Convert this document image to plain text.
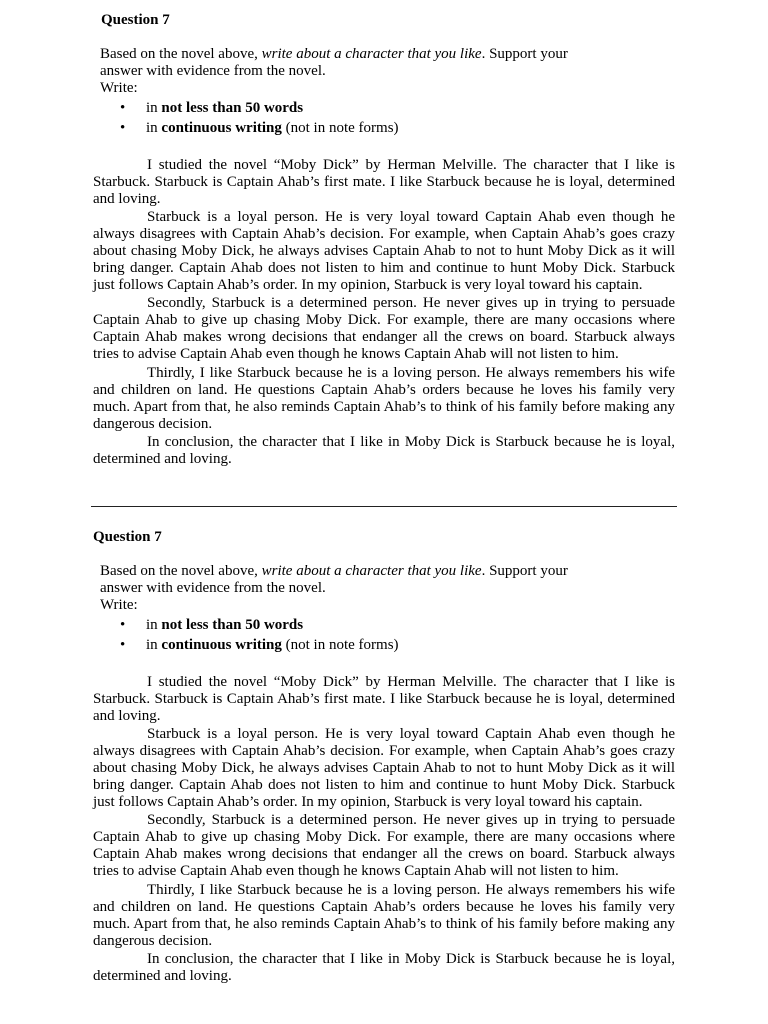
Question 7
Based on the novel above, write about a character that you like. Support your
answer with evidence from the novel.
Write:
• in not less than 50 words
• in continuous writing (not in note forms)

I studied the novel “Moby Dick” by Herman Melville. The character that I like is Starbuck. Starbuck is Captain Ahab’s first mate. I like Starbuck because he is loyal, determined and loving.

Starbuck is a loyal person. He is very loyal toward Captain Ahab even though he always disagrees with Captain Ahab’s decision. For example, when Captain Ahab’s goes crazy about chasing Moby Dick, he always advises Captain Ahab to not to hunt Moby Dick as it will bring danger. Captain Ahab does not listen to him and continue to hunt Moby Dick. Starbuck just follows Captain Ahab’s order. In my opinion, Starbuck is very loyal toward his captain.

Secondly, Starbuck is a determined person. He never gives up in trying to persuade Captain Ahab to give up chasing Moby Dick. For example, there are many occasions where Captain Ahab makes wrong decisions that endanger all the crews on board. Starbuck always tries to advise Captain Ahab even though he knows Captain Ahab will not listen to him.

Thirdly, I like Starbuck because he is a loving person. He always remembers his wife and children on land. He questions Captain Ahab’s orders because he loves his family very much. Apart from that, he also reminds Captain Ahab’s to think of his family before making any dangerous decision.

In conclusion, the character that I like in Moby Dick is Starbuck because he is loyal, determined and loving.

Question 7
Based on the novel above, write about a character that you like. Support your
answer with evidence from the novel.
Write:
• in not less than 50 words
• in continuous writing (not in note forms)

I studied the novel “Moby Dick” by Herman Melville. The character that I like is Starbuck. Starbuck is Captain Ahab’s first mate. I like Starbuck because he is loyal, determined and loving.

Starbuck is a loyal person. He is very loyal toward Captain Ahab even though he always disagrees with Captain Ahab’s decision. For example, when Captain Ahab’s goes crazy about chasing Moby Dick, he always advises Captain Ahab to not to hunt Moby Dick as it will bring danger. Captain Ahab does not listen to him and continue to hunt Moby Dick. Starbuck just follows Captain Ahab’s order. In my opinion, Starbuck is very loyal toward his captain.

Secondly, Starbuck is a determined person. He never gives up in trying to persuade Captain Ahab to give up chasing Moby Dick. For example, there are many occasions where Captain Ahab makes wrong decisions that endanger all the crews on board. Starbuck always tries to advise Captain Ahab even though he knows Captain Ahab will not listen to him.

Thirdly, I like Starbuck because he is a loving person. He always remembers his wife and children on land. He questions Captain Ahab’s orders because he loves his family very much. Apart from that, he also reminds Captain Ahab’s to think of his family before making any dangerous decision.

In conclusion, the character that I like in Moby Dick is Starbuck because he is loyal, determined and loving.
